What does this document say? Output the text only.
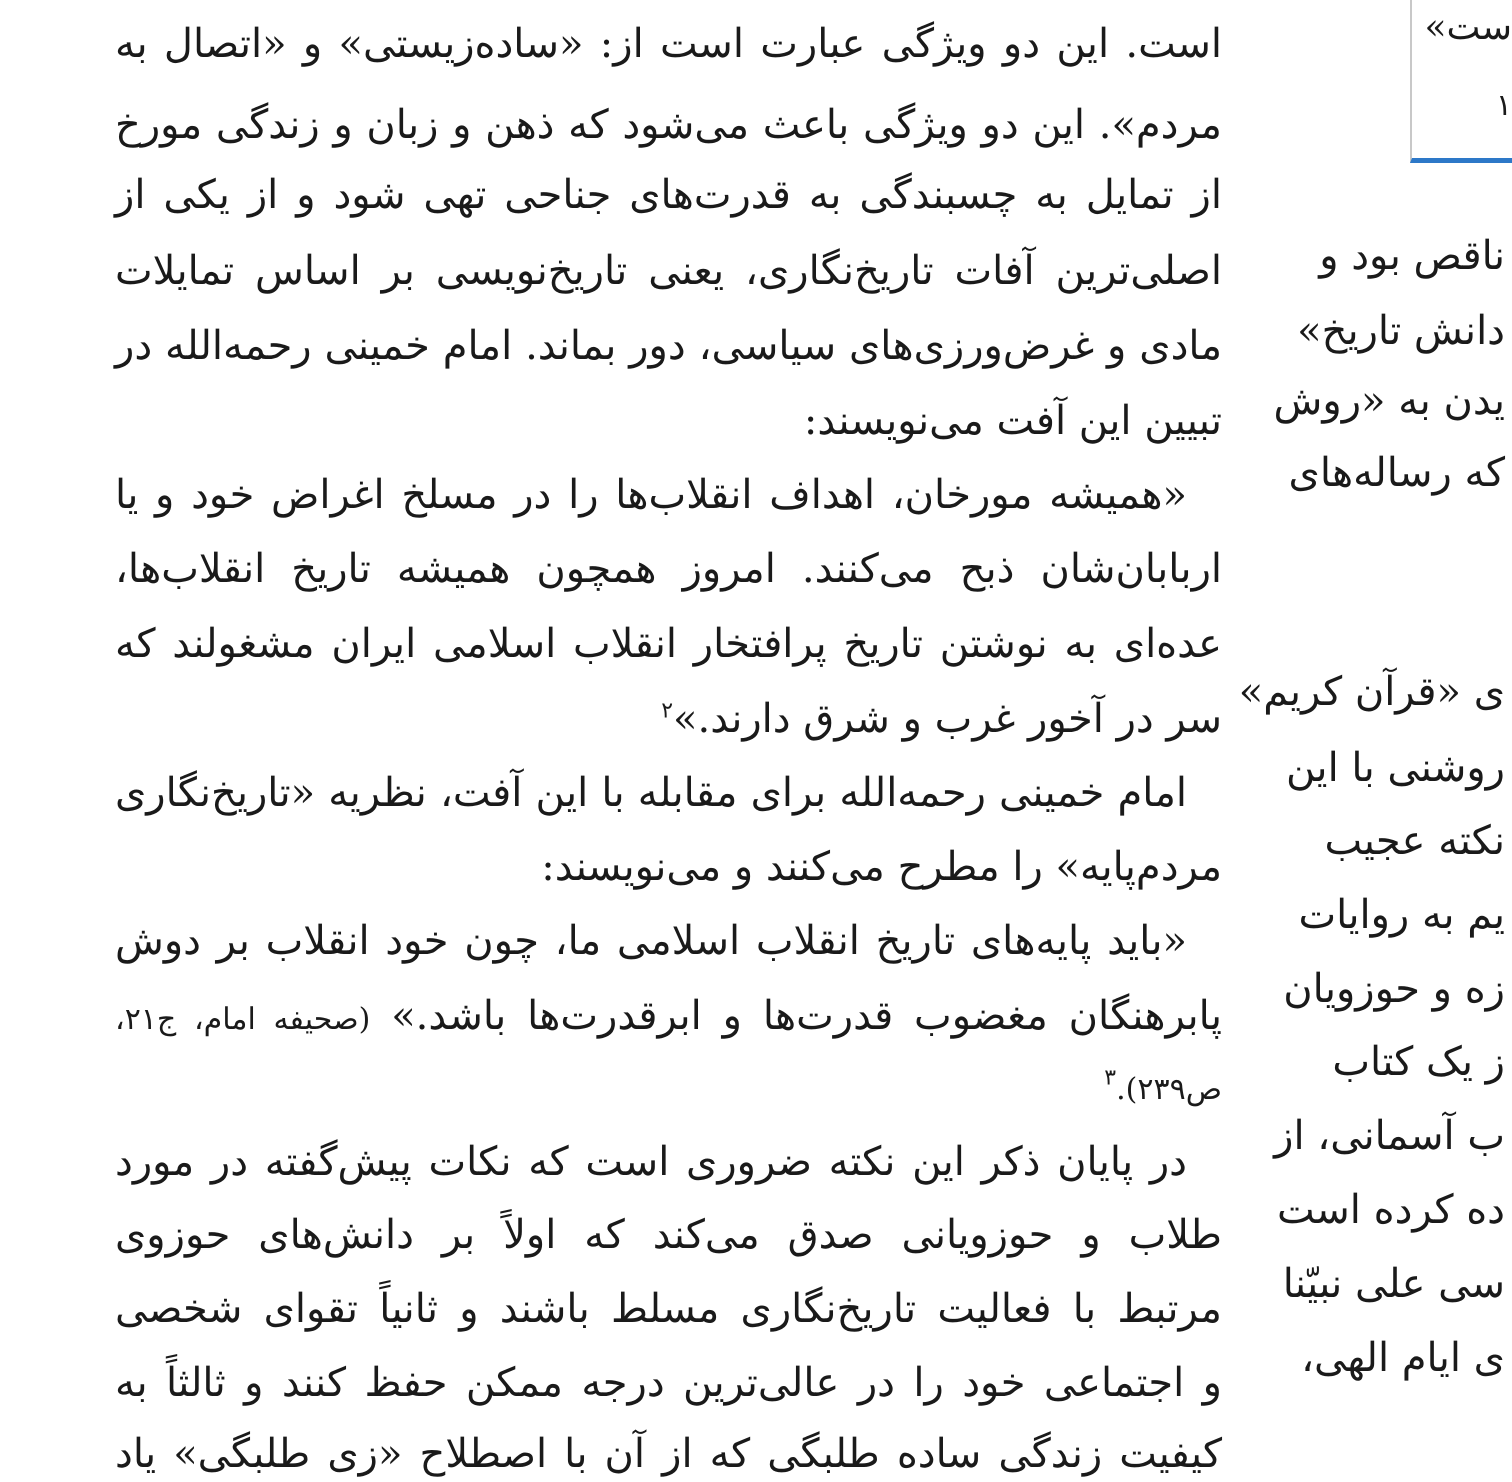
است. این دو ویژگی عبارت است از: «ساده‌زیستی» و «اتصال به
مردم». این دو ویژگی باعث می‌شود که ذهن و زبان و زندگی مورخ
از تمایل به چسبندگی به قدرت‌های جناحی تهی شود و از یکی از
اصلی‌ترین آفات تاریخ‌نگاری، یعنی تاریخ‌نویسی بر اساس تمایلات
مادی و غرض‌ورزی‌های سیاسی، دور بماند. امام خمینی رحمه‌الله در
تبیین این آفت می‌نویسند:
«همیشه مورخان، اهداف انقلاب‌ها را در مسلخ اغراض خود و یا
اربابان‌شان ذبح می‌کنند. امروز همچون همیشه تاریخ انقلاب‌ها،
عده‌ای به نوشتن تاریخ پرافتخار انقلاب اسلامی ایران مشغولند که
سر در آخور غرب و شرق دارند.»$^۲$
امام خمینی رحمه‌الله برای مقابله با این آفت، نظریه «تاریخ‌نگاری
مردم‌پایه» را مطرح می‌کنند و می‌نویسند:
«باید پایه‌های تاریخ انقلاب اسلامی ما، چون خود انقلاب بر دوش
پابرهنگان مغضوب قدرت‌ها و ابرقدرت‌ها باشد.» (صحیفه امام، ج۲۱،
ص۲۳۹).$^۳$
در پایان ذکر این نکته ضروری است که نکات پیش‌گفته در مورد
طلاب و حوزویانی صدق می‌کند که اولاً بر دانش‌های حوزوی
مرتبط با فعالیت تاریخ‌نگاری مسلط باشند و ثانیاً تقوای شخصی
و اجتماعی خود را در عالی‌ترین درجه ممکن حفظ کنند و ثالثاً به
کیفیت زندگی ساده طلبگی که از آن با اصطلاح «زی طلبگی» یاد
ست»
۱
ناقص بود و
دانش تاریخ»
یدن به «روش
که رساله‌های
ی «قرآن کریم»
روشنی با این
نکته عجیب
یم به روایات
زه و حوزویان
ز یک کتاب
ب آسمانی، از
ده کرده است
سی علی نبیّنا
ی ایام الهی،
